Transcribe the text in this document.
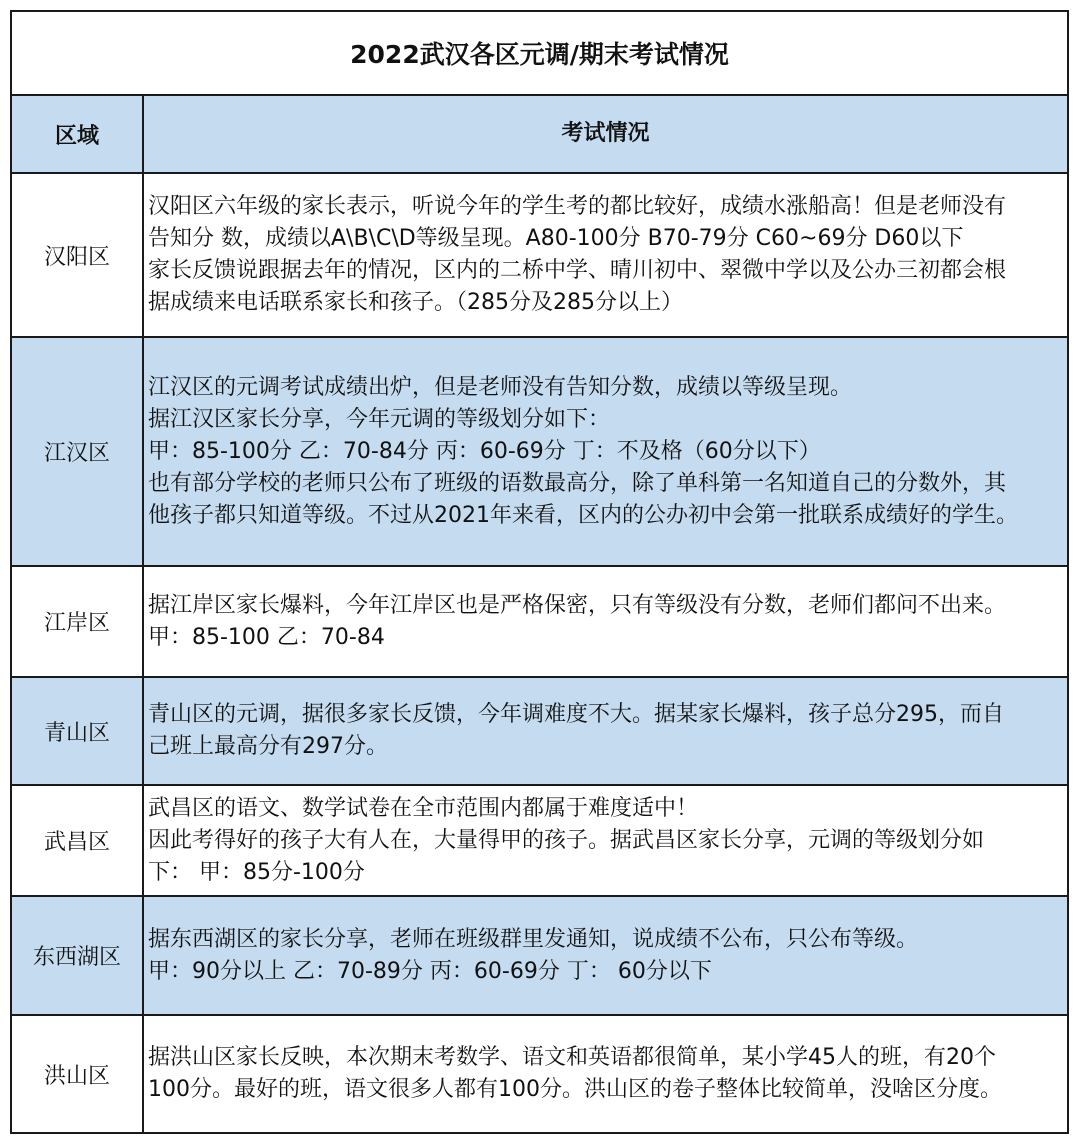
2022武汉各区元调/期末考试情况
区域	考试情况
汉阳区
汉阳区六年级的家长表示，听说今年的学生考的都比较好，成绩水涨船高！但是老师没有
告知分 数，成绩以A\B\C\D等级呈现。A80-100分 B70-79分 C60~69分 D60以下
家长反馈说跟据去年的情况，区内的二桥中学、晴川初中、翠微中学以及公办三初都会根
据成绩来电话联系家长和孩子。（285分及285分以上）
江汉区
江汉区的元调考试成绩出炉，但是老师没有告知分数，成绩以等级呈现。
据江汉区家长分享，今年元调的等级划分如下：
甲：85-100分 乙：70-84分 丙：60-69分 丁：不及格（60分以下）
也有部分学校的老师只公布了班级的语数最高分，除了单科第一名知道自己的分数外，其
他孩子都只知道等级。不过从2021年来看，区内的公办初中会第一批联系成绩好的学生。
江岸区
据江岸区家长爆料，今年江岸区也是严格保密，只有等级没有分数，老师们都问不出来。
甲：85-100 乙：70-84
青山区
青山区的元调，据很多家长反馈，今年调难度不大。据某家长爆料，孩子总分295，而自
己班上最高分有297分。
武昌区
武昌区的语文、数学试卷在全市范围内都属于难度适中！
因此考得好的孩子大有人在，大量得甲的孩子。据武昌区家长分享，元调的等级划分如
下： 甲：85分-100分
东西湖区
据东西湖区的家长分享，老师在班级群里发通知，说成绩不公布，只公布等级。
甲：90分以上 乙：70-89分 丙：60-69分 丁： 60分以下
洪山区
据洪山区家长反映，本次期末考数学、语文和英语都很简单，某小学45人的班，有20个
100分。最好的班，语文很多人都有100分。洪山区的卷子整体比较简单，没啥区分度。
